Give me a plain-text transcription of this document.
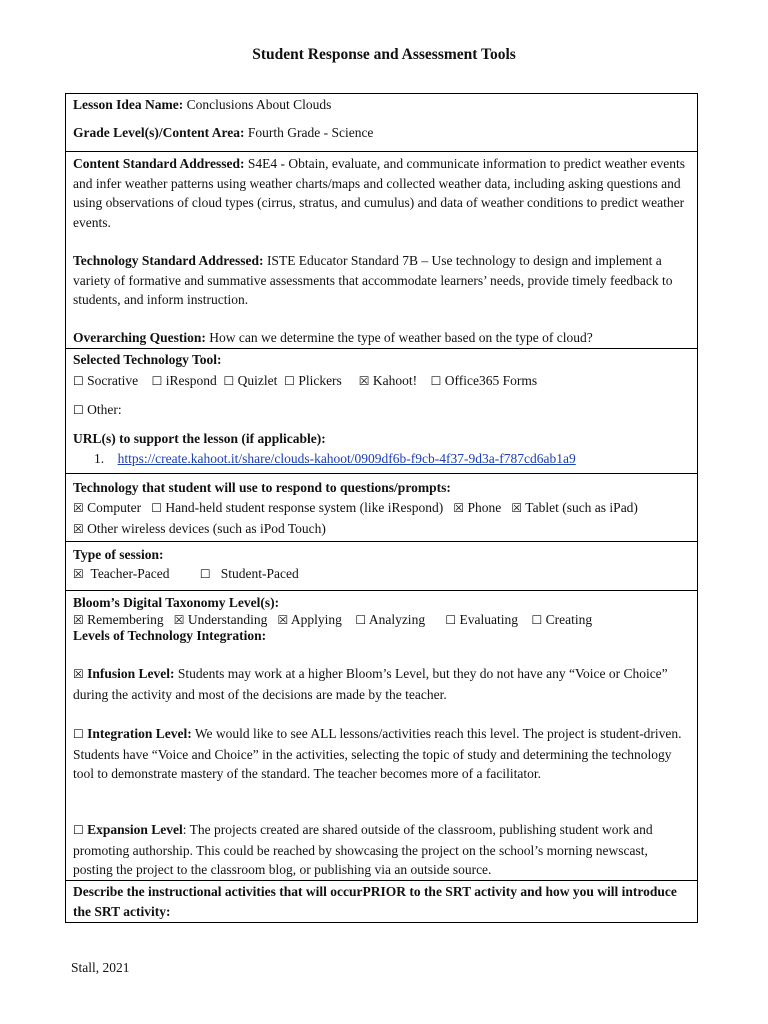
Student Response and Assessment Tools
Lesson Idea Name: Conclusions About Clouds
Grade Level(s)/Content Area: Fourth Grade - Science
Content Standard Addressed: S4E4 - Obtain, evaluate, and communicate information to predict weather events and infer weather patterns using weather charts/maps and collected weather data, including asking questions and using observations of cloud types (cirrus, stratus, and cumulus) and data of weather conditions to predict weather events.
Technology Standard Addressed: ISTE Educator Standard 7B – Use technology to design and implement a variety of formative and summative assessments that accommodate learners’ needs, provide timely feedback to students, and inform instruction.
Overarching Question: How can we determine the type of weather based on the type of cloud?
Selected Technology Tool:
☐ Socrative ☐ iRespond ☐ Quizlet ☐ Plickers ☒ Kahoot! ☐ Office365 Forms
☐ Other:
URL(s) to support the lesson (if applicable):
1. https://create.kahoot.it/share/clouds-kahoot/0909df6b-f9cb-4f37-9d3a-f787cd6ab1a9
Technology that student will use to respond to questions/prompts:
☒ Computer ☐ Hand-held student response system (like iRespond) ☒ Phone ☒ Tablet (such as iPad)
☒ Other wireless devices (such as iPod Touch)
Type of session:
☒ Teacher-Paced	☐ Student-Paced
Bloom’s Digital Taxonomy Level(s):
☒ Remembering ☒ Understanding ☒ Applying ☐ Analyzing ☐ Evaluating ☐ Creating
Levels of Technology Integration:
☒ Infusion Level: Students may work at a higher Bloom’s Level, but they do not have any “Voice or Choice” during the activity and most of the decisions are made by the teacher.
☐ Integration Level: We would like to see ALL lessons/activities reach this level. The project is student-driven. Students have “Voice and Choice” in the activities, selecting the topic of study and determining the technology tool to demonstrate mastery of the standard. The teacher becomes more of a facilitator.
☐ Expansion Level: The projects created are shared outside of the classroom, publishing student work and promoting authorship. This could be reached by showcasing the project on the school’s morning newscast, posting the project to the classroom blog, or publishing via an outside source.
Describe the instructional activities that will occurPRIOR to the SRT activity and how you will introduce the SRT activity:
Stall, 2021
